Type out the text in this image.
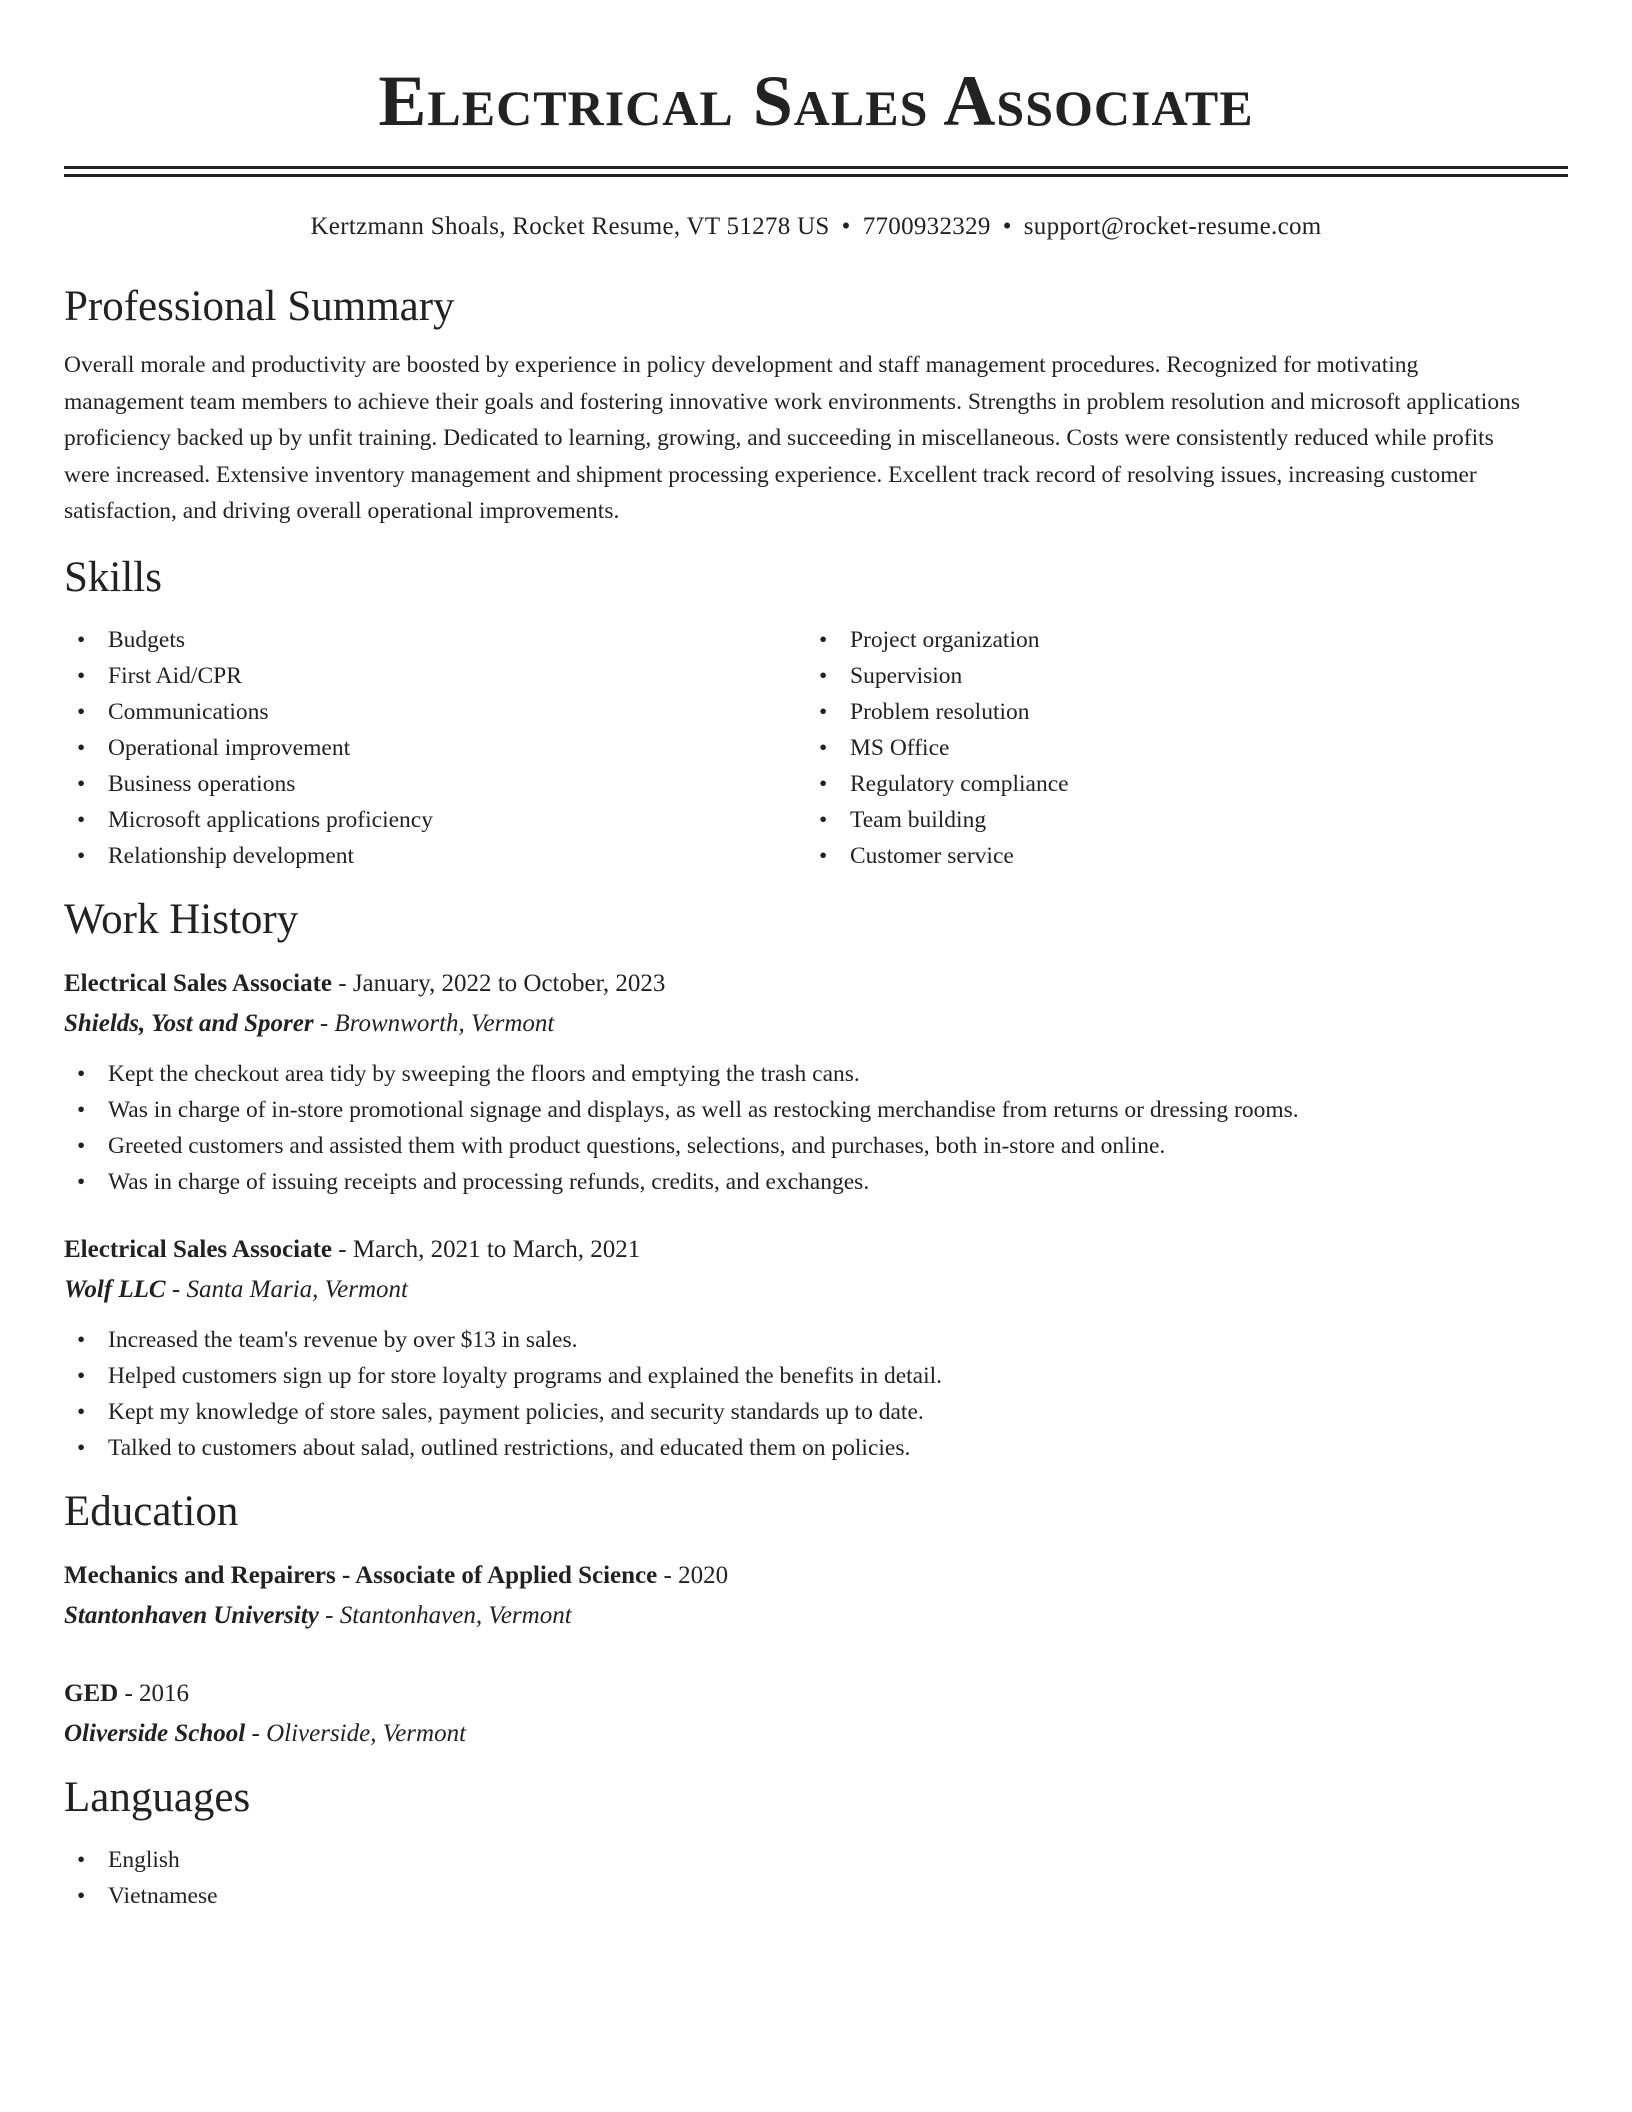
Electrical Sales Associate
Kertzmann Shoals, Rocket Resume, VT 51278 US • 7700932329 • support@rocket-resume.com
Professional Summary

Overall morale and productivity are boosted by experience in policy development and staff management procedures. Recognized for motivating management team members to achieve their goals and fostering innovative work environments. Strengths in problem resolution and microsoft applications proficiency backed up by unfit training. Dedicated to learning, growing, and succeeding in miscellaneous. Costs were consistently reduced while profits were increased. Extensive inventory management and shipment processing experience. Excellent track record of resolving issues, increasing customer satisfaction, and driving overall operational improvements.

Skills
• Budgets
• First Aid/CPR
• Communications
• Operational improvement
• Business operations
• Microsoft applications proficiency
• Relationship development
• Project organization
• Supervision
• Problem resolution
• MS Office
• Regulatory compliance
• Team building
• Customer service
Work History
Electrical Sales Associate - January, 2022 to October, 2023
Shields, Yost and Sporer - Brownworth, Vermont
• Kept the checkout area tidy by sweeping the floors and emptying the trash cans.
• Was in charge of in-store promotional signage and displays, as well as restocking merchandise from returns or dressing rooms.
• Greeted customers and assisted them with product questions, selections, and purchases, both in-store and online.
• Was in charge of issuing receipts and processing refunds, credits, and exchanges.
Electrical Sales Associate - March, 2021 to March, 2021
Wolf LLC - Santa Maria, Vermont
• Increased the team's revenue by over $13 in sales.
• Helped customers sign up for store loyalty programs and explained the benefits in detail.
• Kept my knowledge of store sales, payment policies, and security standards up to date.
• Talked to customers about salad, outlined restrictions, and educated them on policies.
Education
Mechanics and Repairers - Associate of Applied Science - 2020
Stantonhaven University - Stantonhaven, Vermont
GED - 2016
Oliverside School - Oliverside, Vermont
Languages
• English
• Vietnamese
